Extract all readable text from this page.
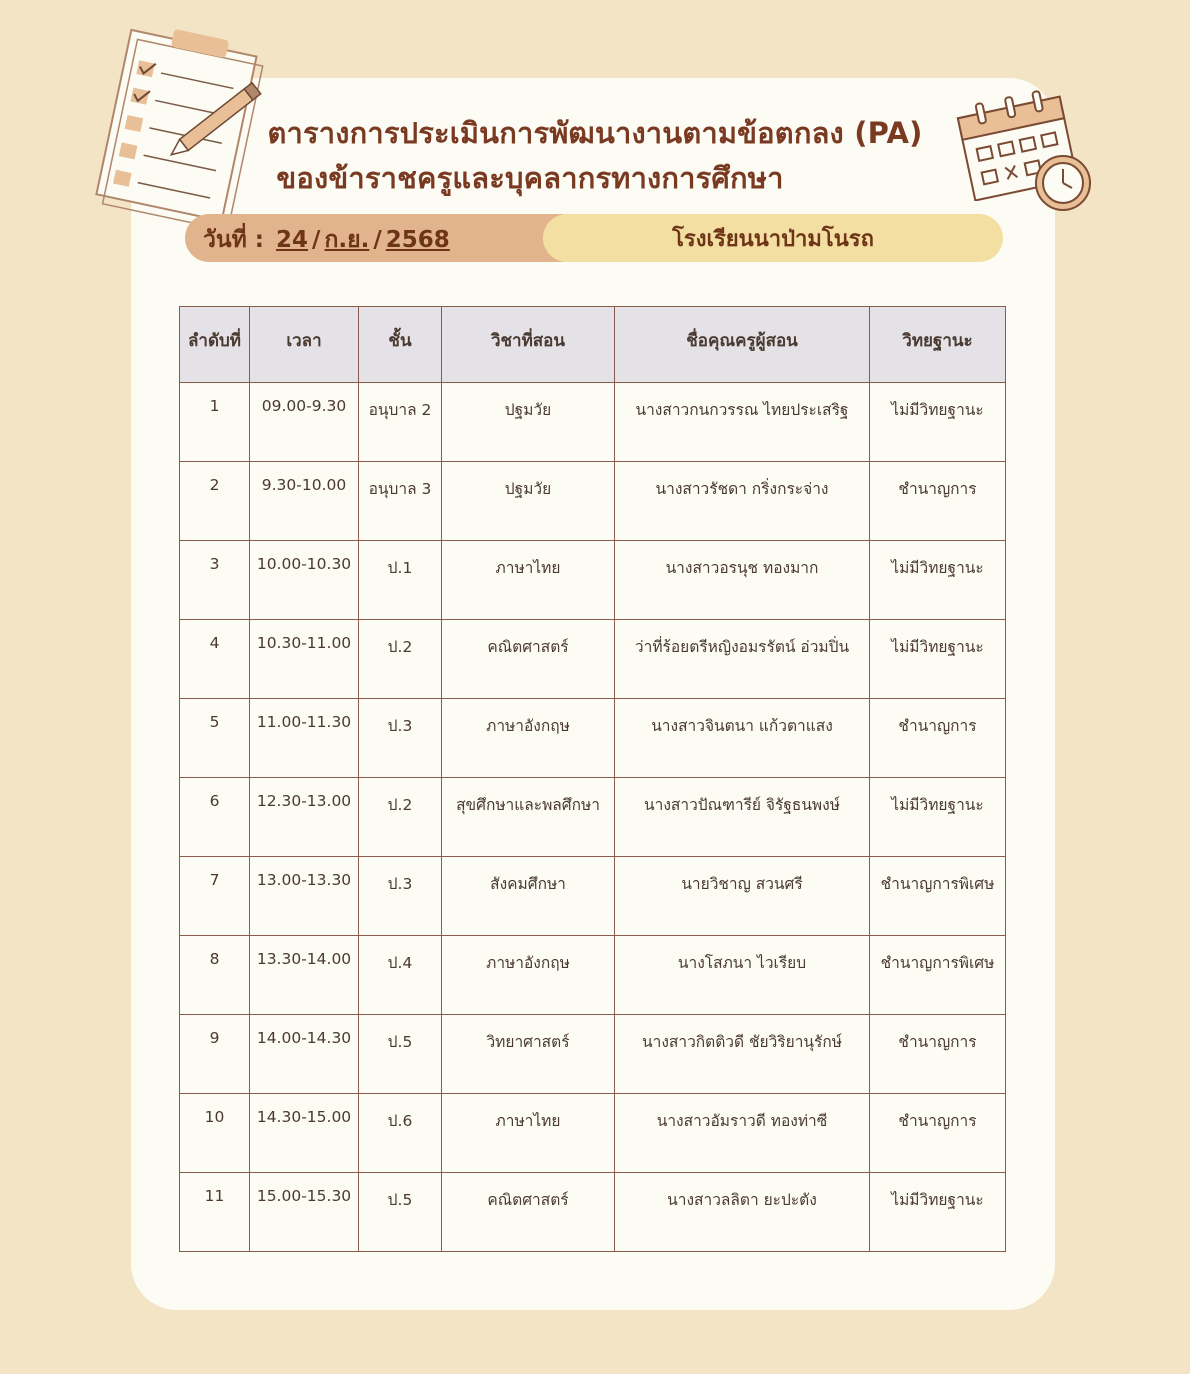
ตารางการประเมินการพัฒนางานตามข้อตกลง (PA)
ของข้าราชครูและบุคลากรทางการศึกษา
โรงเรียนนาป่ามโนรถ
วันที่ : 24 / ก.ย. / 2568
ลำดับที่	เวลา	ชั้น	วิชาที่สอน	ชื่อคุณครูผู้สอน	วิทยฐานะ
1	09.00-9.30	อนุบาล 2	ปฐมวัย	นางสาวกนกวรรณ ไทยประเสริฐ	ไม่มีวิทยฐานะ
2	9.30-10.00	อนุบาล 3	ปฐมวัย	นางสาวรัชดา กริ่งกระจ่าง	ชำนาญการ
3	10.00-10.30	ป.1	ภาษาไทย	นางสาวอรนุช ทองมาก	ไม่มีวิทยฐานะ
4	10.30-11.00	ป.2	คณิตศาสตร์	ว่าที่ร้อยตรีหญิงอมรรัตน์ อ่วมปิ่น	ไม่มีวิทยฐานะ
5	11.00-11.30	ป.3	ภาษาอังกฤษ	นางสาวจินตนา แก้วตาแสง	ชำนาญการ
6	12.30-13.00	ป.2	สุขศึกษาและพลศึกษา	นางสาวปัณฑารีย์ จิรัฐธนพงษ์	ไม่มีวิทยฐานะ
7	13.00-13.30	ป.3	สังคมศึกษา	นายวิชาญ สวนศรี	ชำนาญการพิเศษ
8	13.30-14.00	ป.4	ภาษาอังกฤษ	นางโสภนา ไวเรียบ	ชำนาญการพิเศษ
9	14.00-14.30	ป.5	วิทยาศาสตร์	นางสาวกิตติวดี ชัยวิริยานุรักษ์	ชำนาญการ
10	14.30-15.00	ป.6	ภาษาไทย	นางสาวอัมราวดี ทองท่าซี	ชำนาญการ
11	15.00-15.30	ป.5	คณิตศาสตร์	นางสาวลลิตา ยะปะตัง	ไม่มีวิทยฐานะ
